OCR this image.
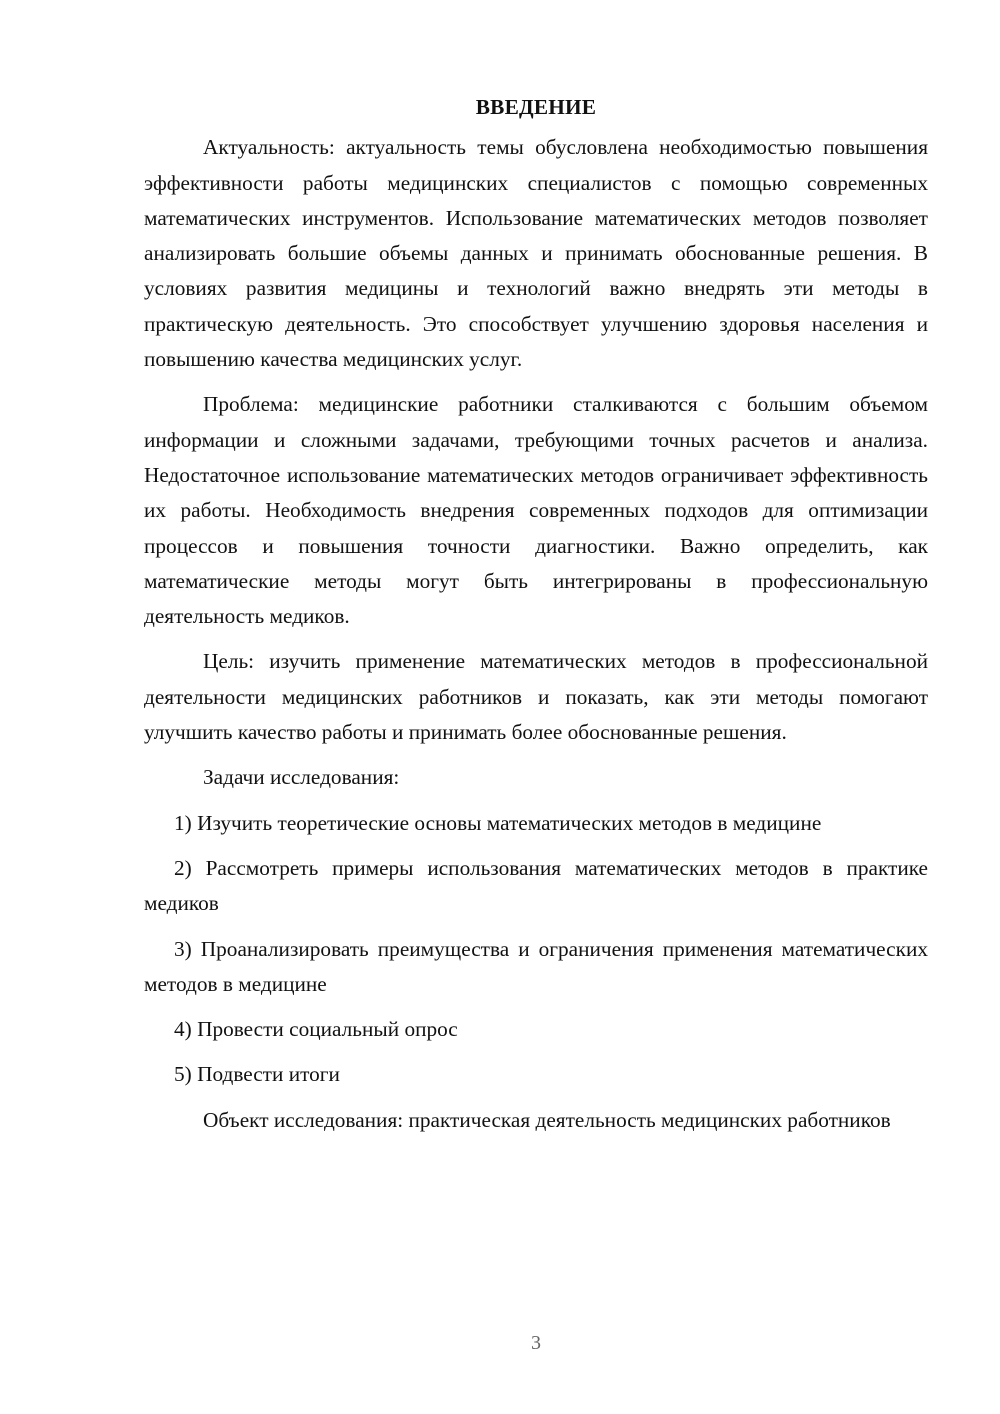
ВВЕДЕНИЕ

Актуальность: актуальность темы обусловлена необходимостью повышения эффективности работы медицинских специалистов с помощью современных математических инструментов. Использование математических методов позволяет анализировать большие объемы данных и принимать обоснованные решения. В условиях развития медицины и технологий важно внедрять эти методы в практическую деятельность. Это способствует улучшению здоровья населения и повышению качества медицинских услуг.

Проблема: медицинские работники сталкиваются с большим объемом информации и сложными задачами, требующими точных расчетов и анализа. Недостаточное использование математических методов ограничивает эффективность их работы. Необходимость внедрения современных подходов для оптимизации процессов и повышения точности диагностики. Важно определить, как математические методы могут быть интегрированы в профессиональную деятельность медиков.

Цель: изучить применение математических методов в профессиональной деятельности медицинских работников и показать, как эти методы помогают улучшить качество работы и принимать более обоснованные решения.

Задачи исследования:

1) Изучить теоретические основы математических методов в медицине

2) Рассмотреть примеры использования математических методов в практике медиков

3) Проанализировать преимущества и ограничения применения математических методов в медицине

4) Провести социальный опрос

5) Подвести итоги

Объект исследования: практическая деятельность медицинских работников

3
